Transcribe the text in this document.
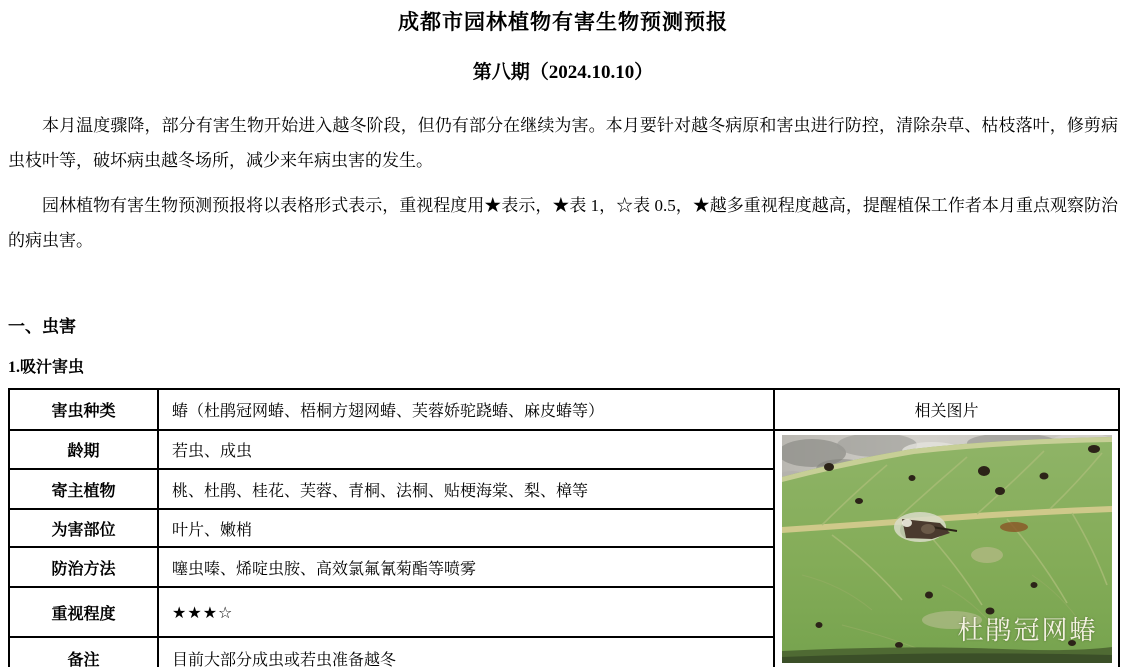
成都市园林植物有害生物预测预报
第八期（2024.10.10）

本月温度骤降，部分有害生物开始进入越冬阶段，但仍有部分在继续为害。本月要针对越冬病原和害虫进行防控，清除杂草、枯枝落叶，修剪病虫枝叶等，破坏病虫越冬场所，减少来年病虫害的发生。

园林植物有害生物预测预报将以表格形式表示，重视程度用★表示，★表 1，☆表 0.5，★越多重视程度越高，提醒植保工作者本月重点观察防治的病虫害。

一、虫害
1.吸汁害虫
害虫种类	蝽（杜鹃冠网蝽、梧桐方翅网蝽、芙蓉娇驼跷蝽、麻皮蝽等）	相关图片
龄期	若虫、成虫	杜鹃冠网蝽

寄主植物	桃、杜鹃、桂花、芙蓉、青桐、法桐、贴梗海棠、梨、樟等	
为害部位	叶片、嫩梢	
防治方法	噻虫嗪、烯啶虫胺、高效氯氟氰菊酯等喷雾	
重视程度	★★★☆	
备注	目前大部分成虫或若虫准备越冬	
